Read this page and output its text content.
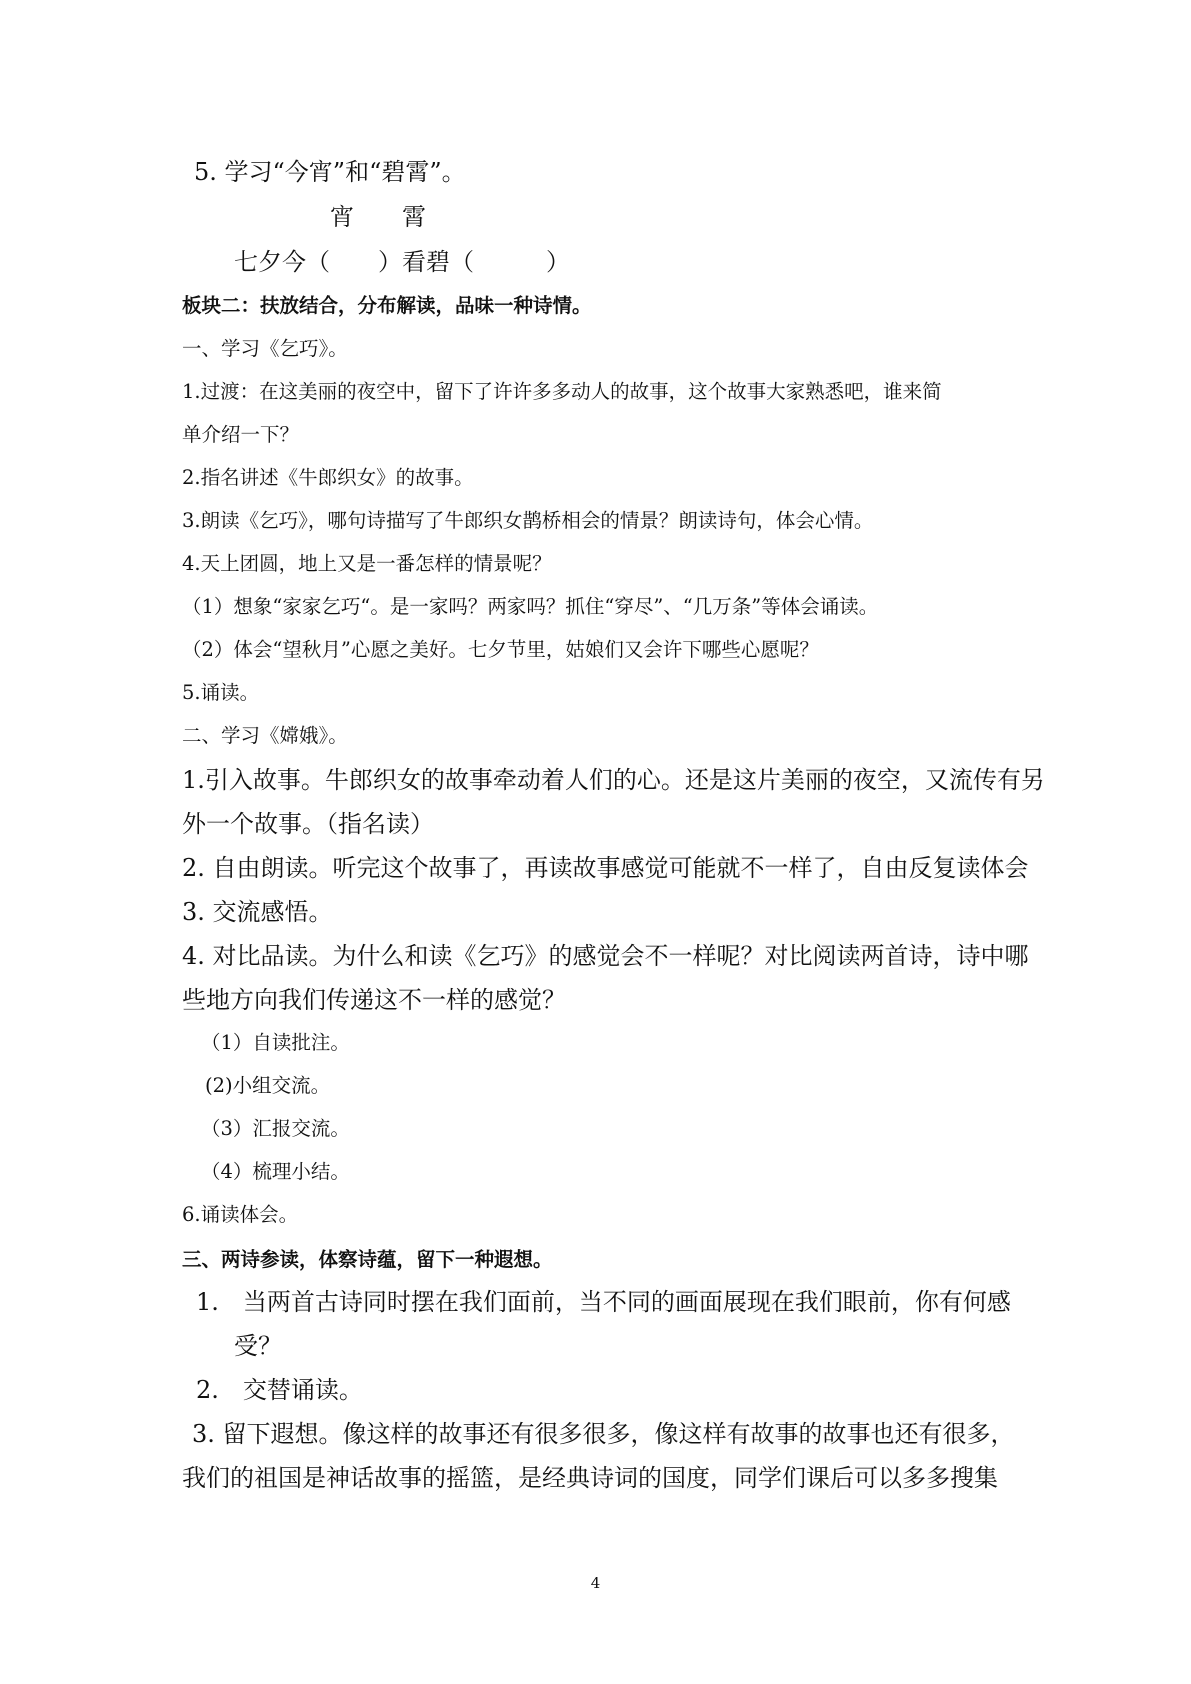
5. 学习“今宵”和“碧霄”。
宵　　霄
七夕今（　　）看碧（　　　）
板块二：扶放结合，分布解读，品味一种诗情。
一、学习《乞巧》。
1.过渡：在这美丽的夜空中，留下了许许多多动人的故事，这个故事大家熟悉吧，谁来简
单介绍一下？
2.指名讲述《牛郎织女》的故事。
3.朗读《乞巧》，哪句诗描写了牛郎织女鹊桥相会的情景？朗读诗句，体会心情。
4.天上团圆，地上又是一番怎样的情景呢？
（1）想象“家家乞巧“。是一家吗？两家吗？抓住“穿尽”、“几万条”等体会诵读。
（2）体会“望秋月”心愿之美好。七夕节里，姑娘们又会许下哪些心愿呢？
5.诵读。
二、学习《嫦娥》。
1.引入故事。牛郎织女的故事牵动着人们的心。还是这片美丽的夜空，又流传有另
外一个故事。（指名读）
2. 自由朗读。听完这个故事了，再读故事感觉可能就不一样了，自由反复读体会
3. 交流感悟。
4. 对比品读。为什么和读《乞巧》的感觉会不一样呢？对比阅读两首诗，诗中哪
些地方向我们传递这不一样的感觉？
（1）自读批注。
(2)小组交流。
（3）汇报交流。
（4）梳理小结。
6.诵读体会。
三、两诗参读，体察诗蕴，留下一种遐想。
1.　当两首古诗同时摆在我们面前，当不同的画面展现在我们眼前，你有何感
受？
2.　交替诵读。
3. 留下遐想。像这样的故事还有很多很多，像这样有故事的故事也还有很多，
我们的祖国是神话故事的摇篮，是经典诗词的国度，同学们课后可以多多搜集
4
